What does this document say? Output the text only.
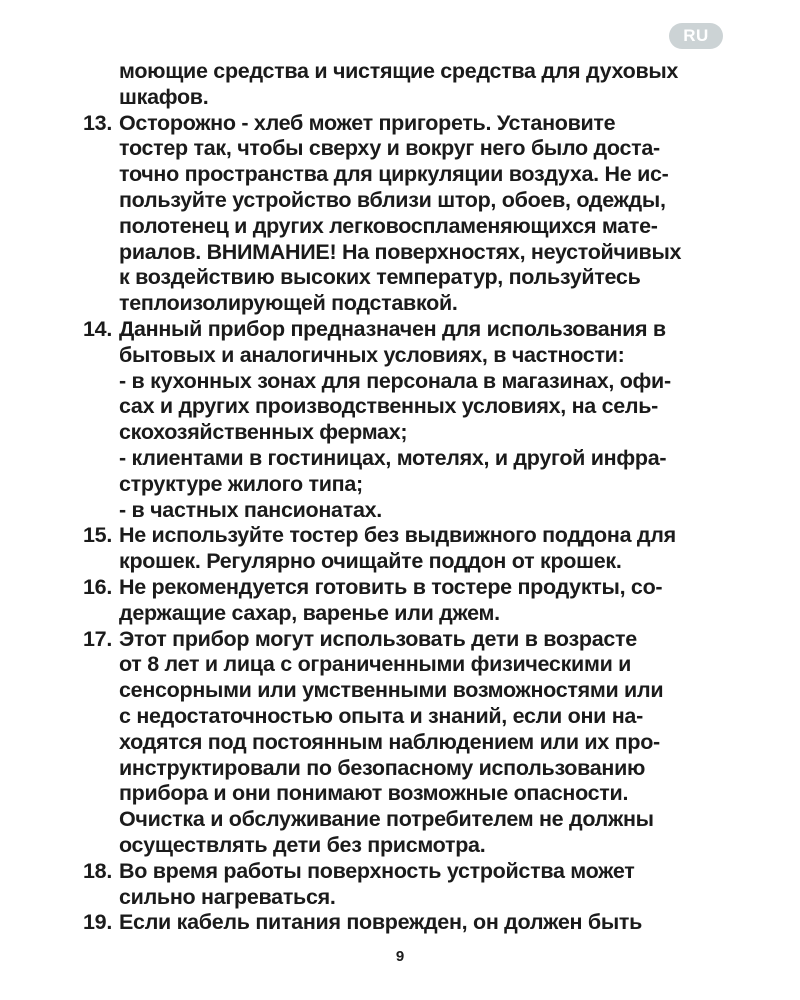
RU
моющие средства и чистящие средства для духовых
шкафов.
13. Осторожно - хлеб может пригореть. Установите
тостер так, чтобы сверху и вокруг него было доста-
точно пространства для циркуляции воздуха. Не ис-
пользуйте устройство вблизи штор, обоев, одежды,
полотенец и других легковоспламеняющихся мате-
риалов. ВНИМАНИЕ! На поверхностях, неустойчивых
к воздействию высоких температур, пользуйтесь
теплоизолирующей подставкой.
14. Данный прибор предназначен для использования в
бытовых и аналогичных условиях, в частности:
- в кухонных зонах для персонала в магазинах, офи-
сах и других производственных условиях, на сель-
скохозяйственных фермах;
- клиентами в гостиницах, мотелях, и другой инфра-
структуре жилого типа;
- в частных пансионатах.
15. Не используйте тостер без выдвижного поддона для
крошек. Регулярно очищайте поддон от крошек.
16. Не рекомендуется готовить в тостере продукты, со-
держащие сахар, варенье или джем.
17. Этот прибор могут использовать дети в возрасте
от 8 лет и лица с ограниченными физическими и
сенсорными или умственными возможностями или
с недостаточностью опыта и знаний, если они на-
ходятся под постоянным наблюдением или их про-
инструктировали по безопасному использованию
прибора и они понимают возможные опасности.
Очистка и обслуживание потребителем не должны
осуществлять дети без присмотра.
18. Во время работы поверхность устройства может
сильно нагреваться.
19. Если кабель питания поврежден, он должен быть
9
